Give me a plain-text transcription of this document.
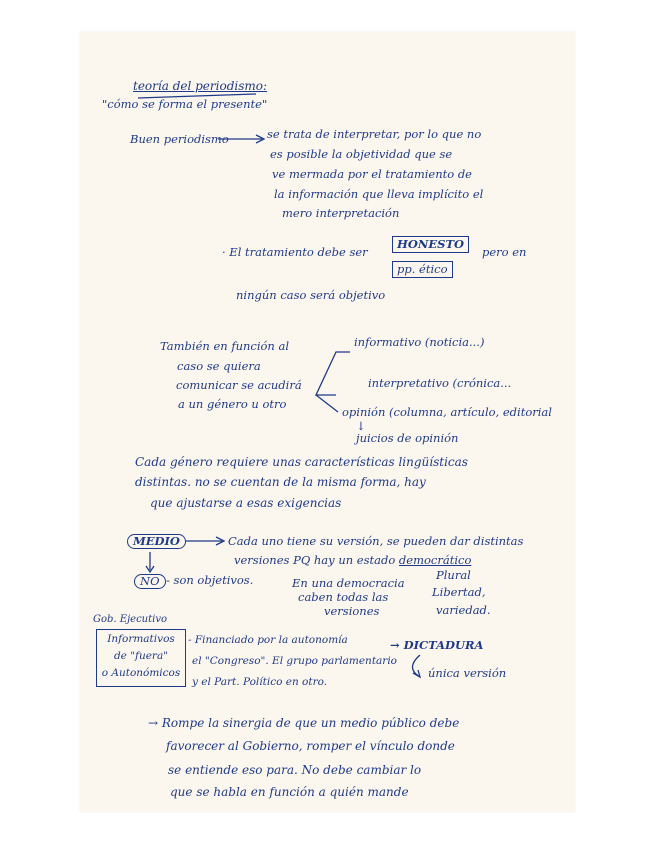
teoría del periodismo:
"cómo se forma el presente"
Buen periodismo	se trata de interpretar, por lo que no
es posible la objetividad que se
ve mermada por el tratamiento de
la información que lleva implícito el
mero interpretación
· El tratamiento debe ser
HONESTO
pp. ético
pero en
ningún caso será objetivo
También en función al
caso se quiera
comunicar se acudirá
a un género u otro
informativo (noticia...)
interpretativo (crónica...
opinión (columna, artículo, editorial
↓
juicios de opinión
Cada género requiere unas características lingüísticas
distintas. no se cuentan de la misma forma, hay
que ajustarse a esas exigencias
MEDIO	Cada uno tiene su versión, se pueden dar distintas
versiones PQ hay un estado democrático
NO - son objetivos.	En una democracia
caben todas las
versiones
Plural
Libertad,
variedad.
Gob. Ejecutivo
Informativos
de "fuera"
o Autonómicos
- Financiado por la autonomía
el "Congreso". El grupo parlamentario
y el Part. Político en otro.
→ DICTADURA
única versión
→ Rompe la sinergia de que un medio público debe
favorecer al Gobierno, romper el vínculo donde
se entiende eso para. No debe cambiar lo
que se habla en función a quién mande
